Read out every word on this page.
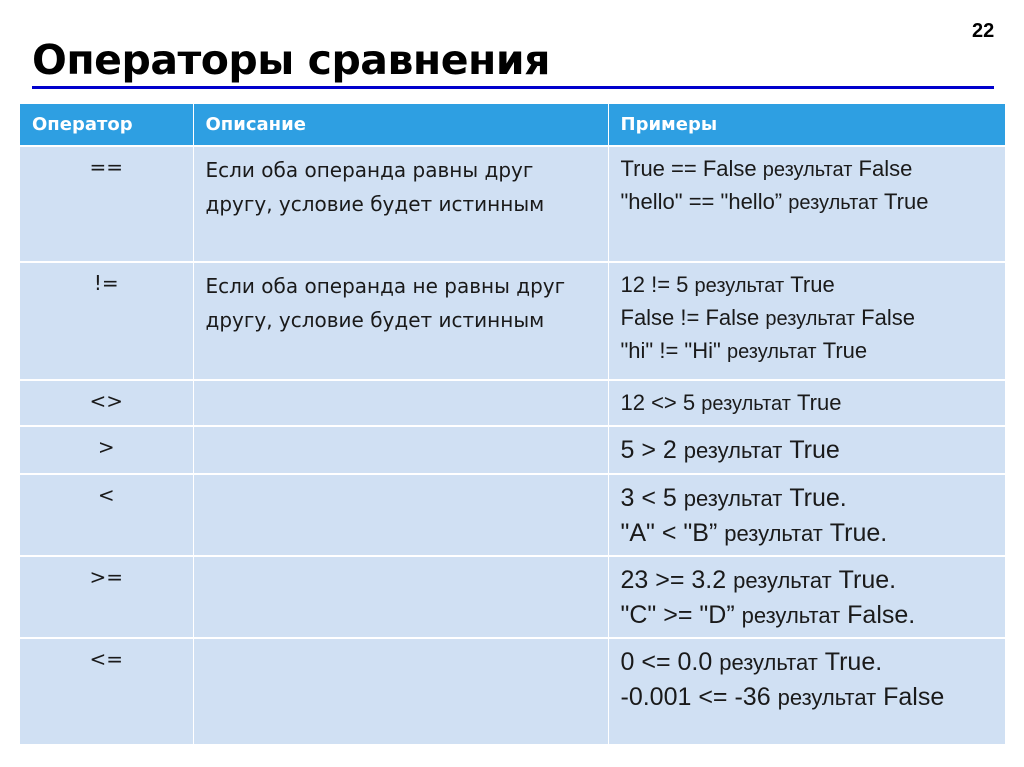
22
Операторы сравнения
Оператор	Описание	Примеры
==	Если оба операнда равны друг другу, условие будет истинным	True == False результат False
"hello" == "hello” результат True

!=	Если оба операнда не равны друг другу, условие будет истинным	12 != 5 результат True
False != False результат False
"hi" != "Hi" результат True

<>		12 <> 5 результат True

>		5 > 2 результат True

<		3 < 5 результат True.
"A" < "B” результат True.

>=		23 >= 3.2 результат True.
"C" >= "D” результат False.

<=		0 <= 0.0 результат True.
-0.001 <= -36 результат False
